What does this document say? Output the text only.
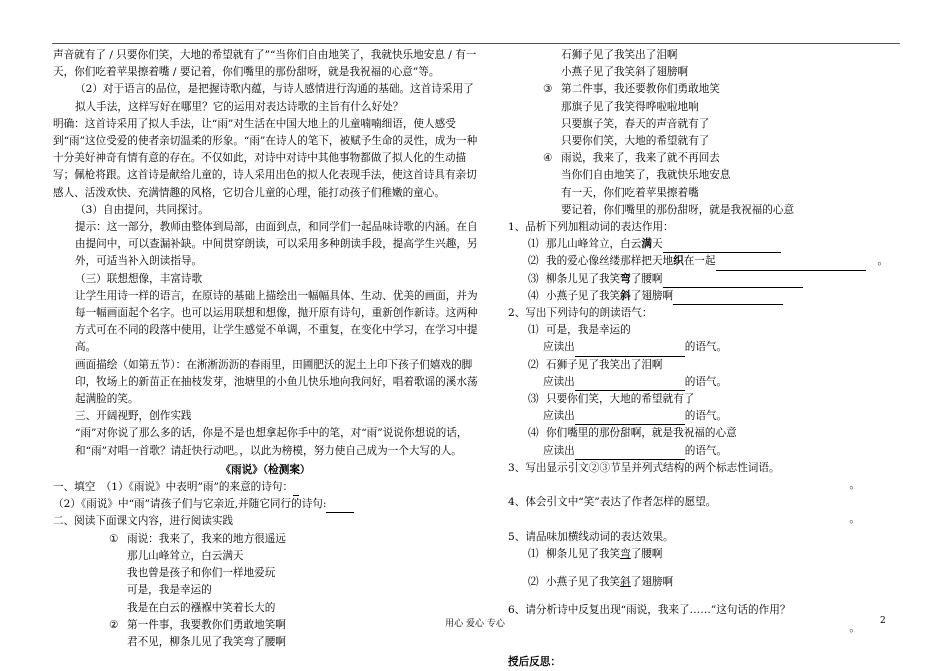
声音就有了 / 只要你们笑，大地的希望就有了”“当你们自由地笑了，我就快乐地安息 / 有一天，你们吃着苹果擦着嘴 / 要记着，你们嘴里的那份甜呀，就是我祝福的心意”等。

（2）对于语言的品位，是把握诗歌内蕴，与诗人感情进行沟通的基础。这首诗采用了拟人手法，这样写好在哪里？它的运用对表达诗歌的主旨有什么好处？

明确：这首诗采用了拟人手法，让“雨”对生活在中国大地上的儿童喃喃细语，使人感受到“雨”这位受爱的使者亲切温柔的形象。“雨”在诗人的笔下，被赋予生命的灵性，成为一种十分美好神奇有情有意的存在。不仅如此，对诗中对诗中其他事物都做了拟人化的生动描写；佩枪将跟。这首诗是献给儿童的，诗人采用出色的拟人化表现手法，使这首诗具有亲切感人、活泼欢快、充满情趣的风格，它切合儿童的心理，能打动孩子们稚嫩的童心。

（3）自由提问，共同探讨。

提示：这一部分，教师由整体到局部，由面到点，和同学们一起品味诗歌的内涵。在自由提问中，可以查漏补缺。中间贯穿朗读，可以采用多种朗读手段，提高学生兴趣，另外，可适当补入朗读指导。

（三）联想想像，丰富诗歌

让学生用诗一样的语言，在原诗的基础上描绘出一幅幅具体、生动、优美的画面，并为每一幅画面起个名字。也可以运用联想和想像，抛开原有诗句，重新创作新诗。这两种方式可在不同的段落中使用，让学生感觉不单调，不重复，在变化中学习，在学习中提高。

画面描绘（如第五节）：在淅淅沥沥的春雨里，田圃肥沃的泥土上印下孩子们嬉戏的脚印，牧场上的新苗正在抽枝发芽，池塘里的小鱼儿快乐地向我问好，唱着歌谣的溪水荡起满脸的笑。

三、开阔视野，创作实践

“雨”对你说了那么多的话，你是不是也想拿起你手中的笔，对“雨”说说你想说的话，和“雨”对唱一首歌？请赶快行动吧。，以此为榜模，努力使自己成为一个大写的人。

《雨说》（检测案）

一、填空　（1）《雨说》中表明”雨”的来意的诗句：

（2）《雨说》中“雨”请孩子们与它亲近,并随它同行的诗句:

二、阅读下面课文内容，进行阅读实践

① 雨说：我来了，我来的地方很遥远

那儿山峰耸立，白云满天

我也曾是孩子和你们一样地爱玩

可是，我是幸运的

我是在白云的襁褓中笑着长大的

② 第一件事，我要教你们勇敢地笑啊

君不见，柳条儿见了我笑弯了腰啊

石狮子见了我笑出了泪啊

小燕子见了我笑斜了翅膀啊

③ 第二件事，我还要教你们勇敢地笑

那旗子见了我笑得哗啦啦地响

只要旗子笑，春天的声音就有了

只要你们笑，大地的希望就有了

④ 雨说，我来了，我来了就不再回去

当你们自由地笑了，我就快乐地安息

有一天，你们吃着苹果擦着嘴

要记着，你们嘴里的那份甜呀，就是我祝福的心意

1、品析下列加粗动词的表达作用：

⑴ 那儿山峰耸立，白云满天

⑵ 我的爱心像丝缕那样把天地织在一起	。

⑶ 柳条儿见了我笑弯了腰啊

⑷ 小燕子见了我笑斜了翅膀啊

2、写出下列诗句的朗读语气：

⑴ 可是，我是幸运的

应读出	的语气。

⑵ 石狮子见了我笑出了泪啊

应读出	的语气。

⑶ 只要你们笑，大地的希望就有了

应读出	的语气。

⑷ 你们嘴里的那份甜啊，就是我祝福的心意

应读出	的语气。

3、写出显示引文②③节呈并列式结构的两个标志性词语。

。

4、体会引文中“笑”表达了作者怎样的愿望。

。

5、请品味加横线动词的表达效果。

⑴ 柳条儿见了我笑弯了腰啊

⑵ 小燕子见了我笑斜了翅膀啊

6、请分析诗中反复出现“雨说，我来了……”这句话的作用？

。

授后反思：

用心 爱心 专心	2
